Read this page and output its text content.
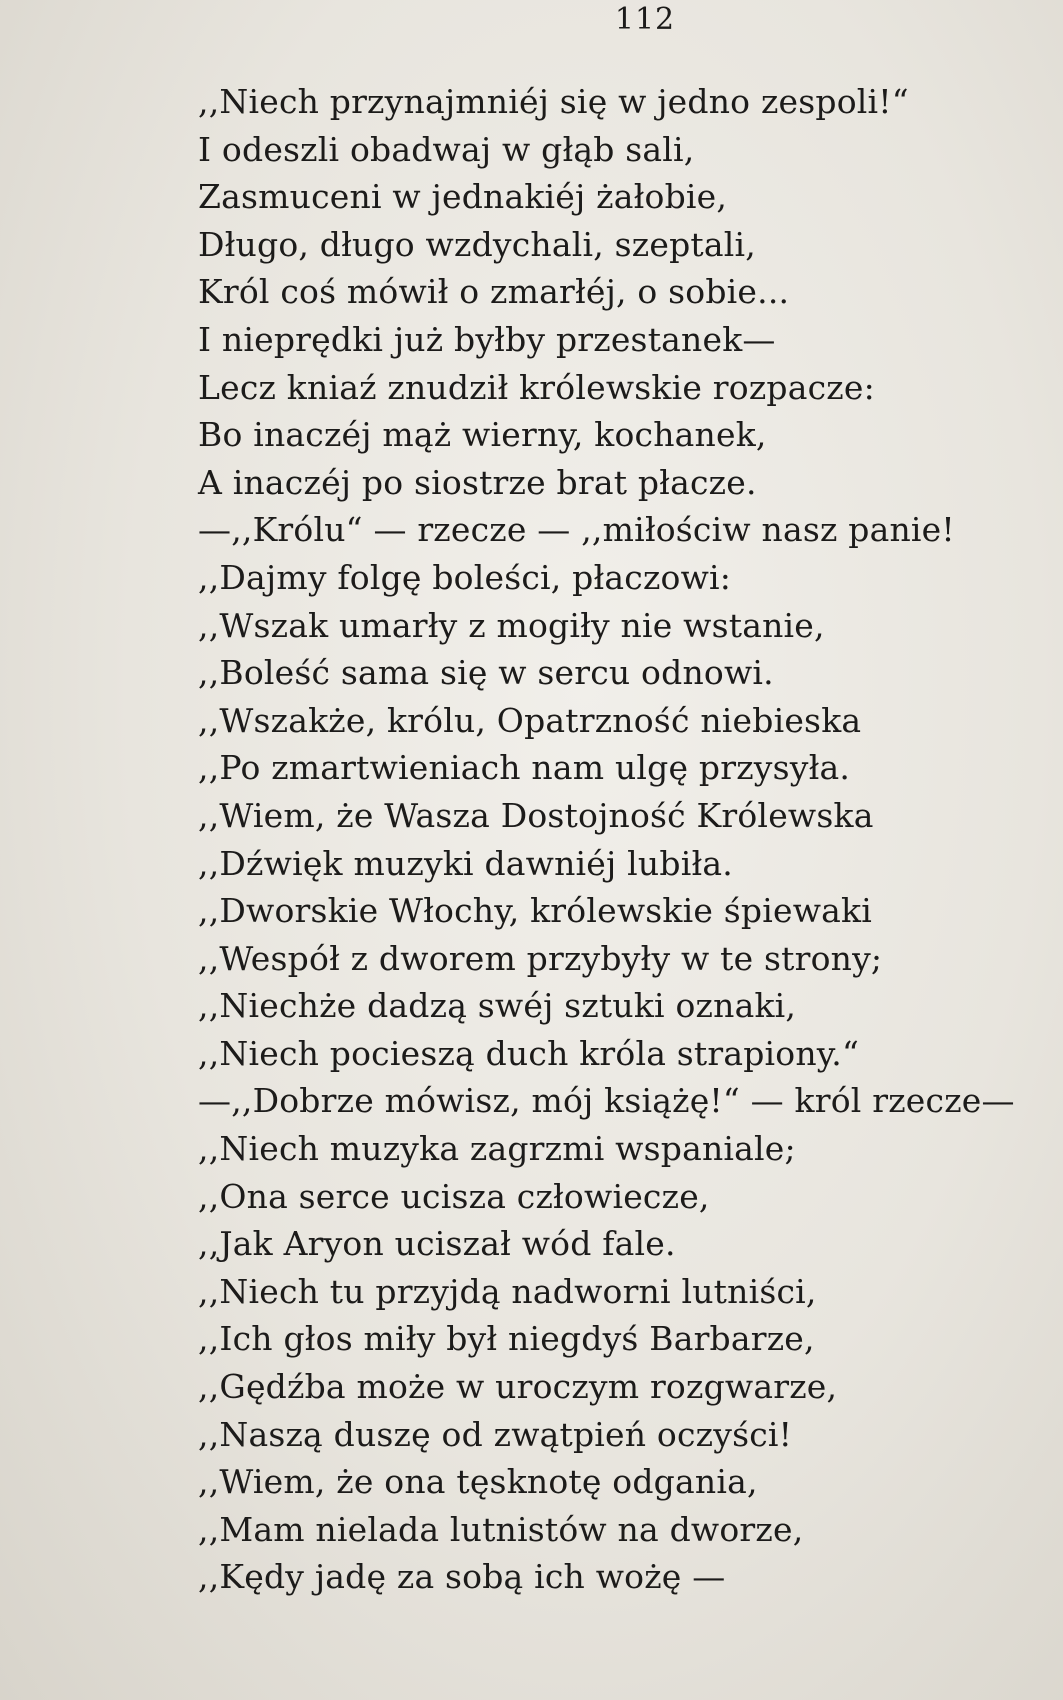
112
,,Niech przynajmniéj się w jedno zespoli!“
I odeszli obadwaj w głąb sali,
Zasmuceni w jednakiéj żałobie,
Długo, długo wzdychali, szeptali,
Król coś mówił o zmarłéj, o sobie...
I nieprędki już byłby przestanek—
Lecz kniaź znudził królewskie rozpacze:
Bo inaczéj mąż wierny, kochanek,
A inaczéj po siostrze brat płacze.
—,,Królu“ — rzecze — ,,miłościw nasz panie!
,,Dajmy folgę boleści, płaczowi:
,,Wszak umarły z mogiły nie wstanie,
,,Boleść sama się w sercu odnowi.
,,Wszakże, królu, Opatrzność niebieska
,,Po zmartwieniach nam ulgę przysyła.
,,Wiem, że Wasza Dostojność Królewska
,,Dźwięk muzyki dawniéj lubiła.
,,Dworskie Włochy, królewskie śpiewaki
,,Wespół z dworem przybyły w te strony;
,,Niechże dadzą swéj sztuki oznaki,
,,Niech pocieszą duch króla strapiony.“
—,,Dobrze mówisz, mój książę!“ — król rzecze—
,,Niech muzyka zagrzmi wspaniale;
,,Ona serce ucisza człowiecze,
,,Jak Aryon uciszał wód fale.
,,Niech tu przyjdą nadworni lutniści,
,,Ich głos miły był niegdyś Barbarze,
,,Gędźba może w uroczym rozgwarze,
,,Naszą duszę od zwątpień oczyści!
,,Wiem, że ona tęsknotę odgania,
,,Mam nielada lutnistów na dworze,
,,Kędy jadę za sobą ich wożę —
